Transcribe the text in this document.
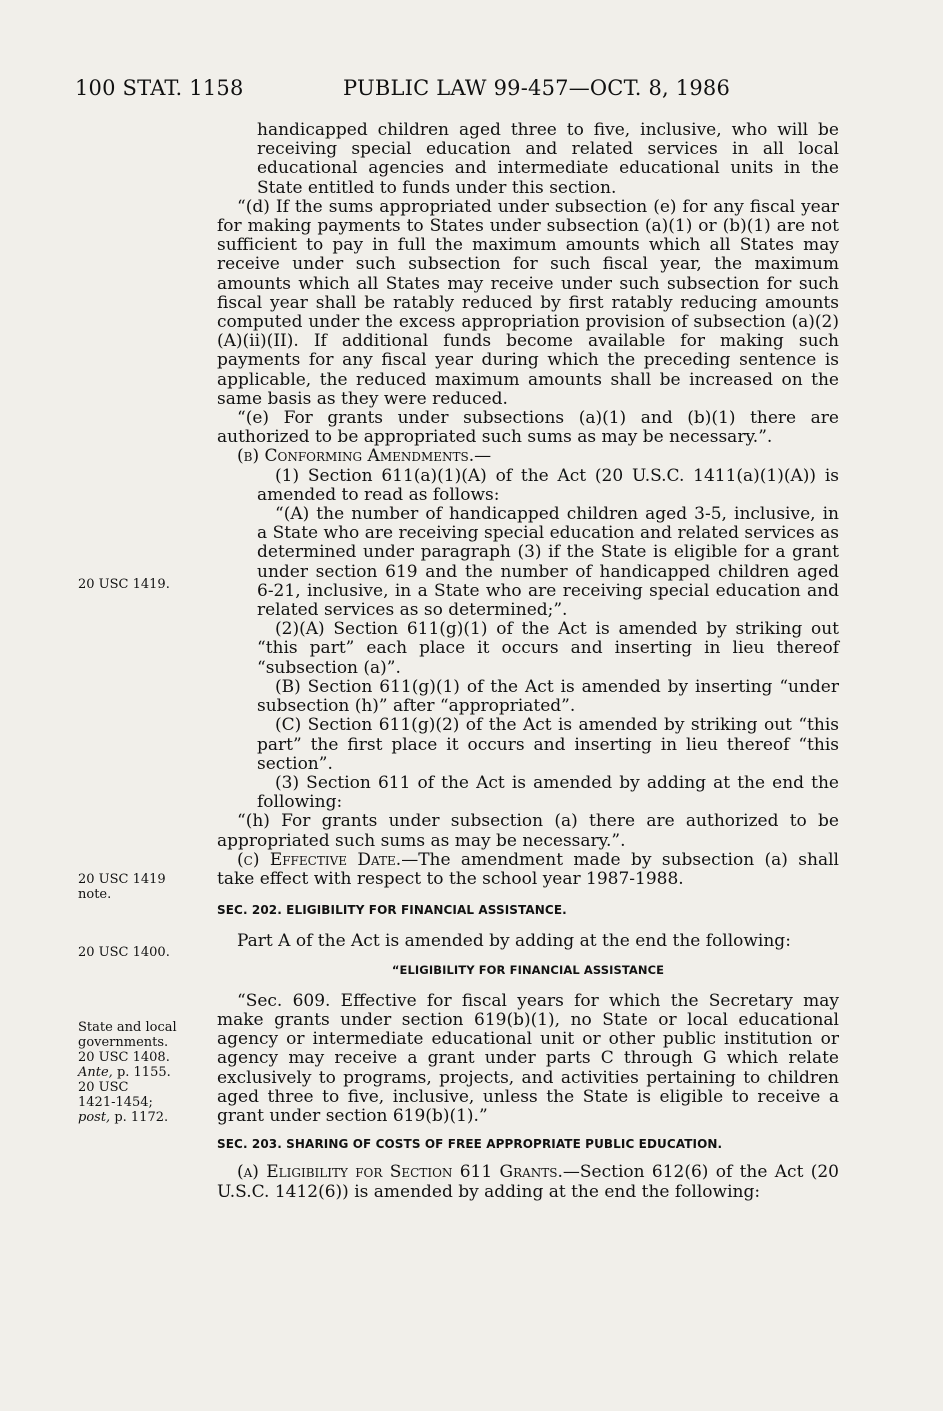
100 STAT. 1158	PUBLIC LAW 99-457—OCT. 8, 1986

handicapped children aged three to five, inclusive, who will be receiving special education and related services in all local educational agencies and intermediate educational units in the State entitled to funds under this section.

“(d) If the sums appropriated under subsection (e) for any fiscal year for making payments to States under subsection (a)(1) or (b)(1) are not sufficient to pay in full the maximum amounts which all States may receive under such subsection for such fiscal year, the maximum amounts which all States may receive under such subsection for such fiscal year shall be ratably reduced by first ratably reducing amounts computed under the excess appropriation provision of subsection (a)(2)(A)(ii)(II). If additional funds become available for making such payments for any fiscal year during which the preceding sentence is applicable, the reduced maximum amounts shall be increased on the same basis as they were reduced.

“(e) For grants under subsections (a)(1) and (b)(1) there are authorized to be appropriated such sums as may be necessary.”.

(b) Conforming Amendments.—

(1) Section 611(a)(1)(A) of the Act (20 U.S.C. 1411(a)(1)(A)) is amended to read as follows:

“(A) the number of handicapped children aged 3-5, inclusive, in a State who are receiving special education and related services as determined under paragraph (3) if the State is eligible for a grant under section 619 and the number of handicapped children aged 6-21, inclusive, in a State who are receiving special education and related services as so determined;”.

(2)(A) Section 611(g)(1) of the Act is amended by striking out “this part” each place it occurs and inserting in lieu thereof “subsection (a)”.

(B) Section 611(g)(1) of the Act is amended by inserting “under subsection (h)” after “appropriated”.

(C) Section 611(g)(2) of the Act is amended by striking out “this part” the first place it occurs and inserting in lieu thereof “this section”.

(3) Section 611 of the Act is amended by adding at the end the following:

“(h) For grants under subsection (a) there are authorized to be appropriated such sums as may be necessary.”.

(c) Effective Date.—The amendment made by subsection (a) shall take effect with respect to the school year 1987-1988.

SEC. 202. ELIGIBILITY FOR FINANCIAL ASSISTANCE.

Part A of the Act is amended by adding at the end the following:

“ELIGIBILITY FOR FINANCIAL ASSISTANCE

“Sec. 609. Effective for fiscal years for which the Secretary may make grants under section 619(b)(1), no State or local educational agency or intermediate educational unit or other public institution or agency may receive a grant under parts C through G which relate exclusively to programs, projects, and activities pertaining to children aged three to five, inclusive, unless the State is eligible to receive a grant under section 619(b)(1).”

SEC. 203. SHARING OF COSTS OF FREE APPROPRIATE PUBLIC EDUCATION.

(a) Eligibility for Section 611 Grants.—Section 612(6) of the Act (20 U.S.C. 1412(6)) is amended by adding at the end the following:

20 USC 1419.
20 USC 1419
note.
20 USC 1400.
State and local
governments.
20 USC 1408.
Ante, p. 1155.
20 USC
1421-1454;
post, p. 1172.
